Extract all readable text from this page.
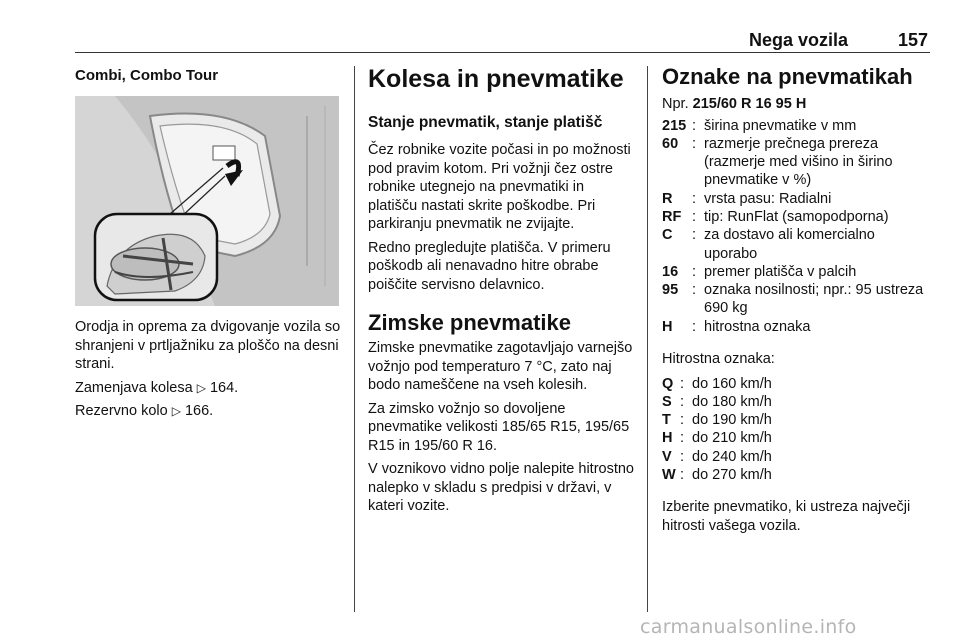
Nega vozila	157

Combi, Combo Tour

Orodja in oprema za dvigovanje vozila so shranjeni v prtljažniku za ploščo na desni strani.

Zamenjava kolesa ▷ 164.

Rezervno kolo ▷ 166.

Kolesa in pnevmatike

Stanje pnevmatik, stanje platišč

Čez robnike vozite počasi in po možnosti pod pravim kotom. Pri vožnji čez ostre robnike utegnejo na pnevmatiki in platišču nastati skrite poškodbe. Pri parkiranju pnevmatik ne zvijajte.

Redno pregledujte platišča. V primeru poškodb ali nenavadno hitre obrabe poiščite servisno delavnico.

Zimske pnevmatike

Zimske pnevmatike zagotavljajo varnejšo vožnjo pod temperaturo 7 °C, zato naj bodo nameščene na vseh kolesih.

Za zimsko vožnjo so dovoljene pnevmatike velikosti 185/65 R15, 195/65 R15 in 195/60 R 16.

V voznikovo vidno polje nalepite hitrostno nalepko v skladu s predpisi v državi, v kateri vozite.

Oznake na pnevmatikah

Npr. 215/60 R 16 95 H

215 : širina pnevmatike v mm
60 : razmerje prečnega prereza (razmerje med višino in širino pnevmatike v %)
R	: vrsta pasu: Radialni
RF : tip: RunFlat (samopodporna)
C	: za dostavo ali komercialno uporabo
16 : premer platišča v palcih
95 : oznaka nosilnosti; npr.: 95 ustreza 690 kg
H	: hitrostna oznaka

Hitrostna oznaka:

Q : do 160 km/h
S : do 180 km/h
T : do 190 km/h
H : do 210 km/h
V : do 240 km/h
W : do 270 km/h

Izberite pnevmatiko, ki ustreza največji hitrosti vašega vozila.

carmanualsonline.info
